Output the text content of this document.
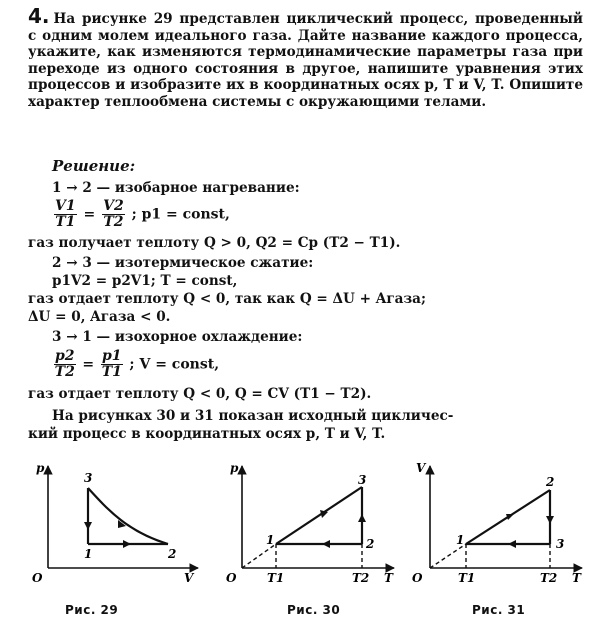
4. На рисунке 29 представлен циклический процесс, проведенный с одним молем идеального газа. Дайте название каждого процесса, укажите, как изменяются термодинамические параметры газа при переходе из одного состояния в другое, напишите уравнения этих процессов и изобразите их в координатных осях p, T и V, T. Опишите характер теплообмена системы с окружающими телами.
Решение:
1 → 2 — изобарное нагревание:
$\frac{V1}{T1} = \frac{V2}{T2}$ ; p1 = const,
газ получает теплоту Q > 0, Q2 = Cp (T2 − T1).
2 → 3 — изотермическое сжатие:
p1V2 = p2V1; T = const,
газ отдает теплоту Q < 0, так как Q = ΔU + Aгаза;
ΔU = 0, Aгаза < 0.
3 → 1 — изохорное охлаждение:
$\frac{p2}{T2} = \frac{p1}{T1}$ ; V = const,
газ отдает теплоту Q < 0, Q = CV (T1 − T2).
На рисунках 30 и 31 показан исходный цикличес-
кий процесс в координатных осях p, T и V, T.
p
V
O
1	2
3
Рис. 29
p
T
O	T1	T2
1	2
3
Рис. 30
V
T
O	T1	T2
1
2
3
Рис. 31
